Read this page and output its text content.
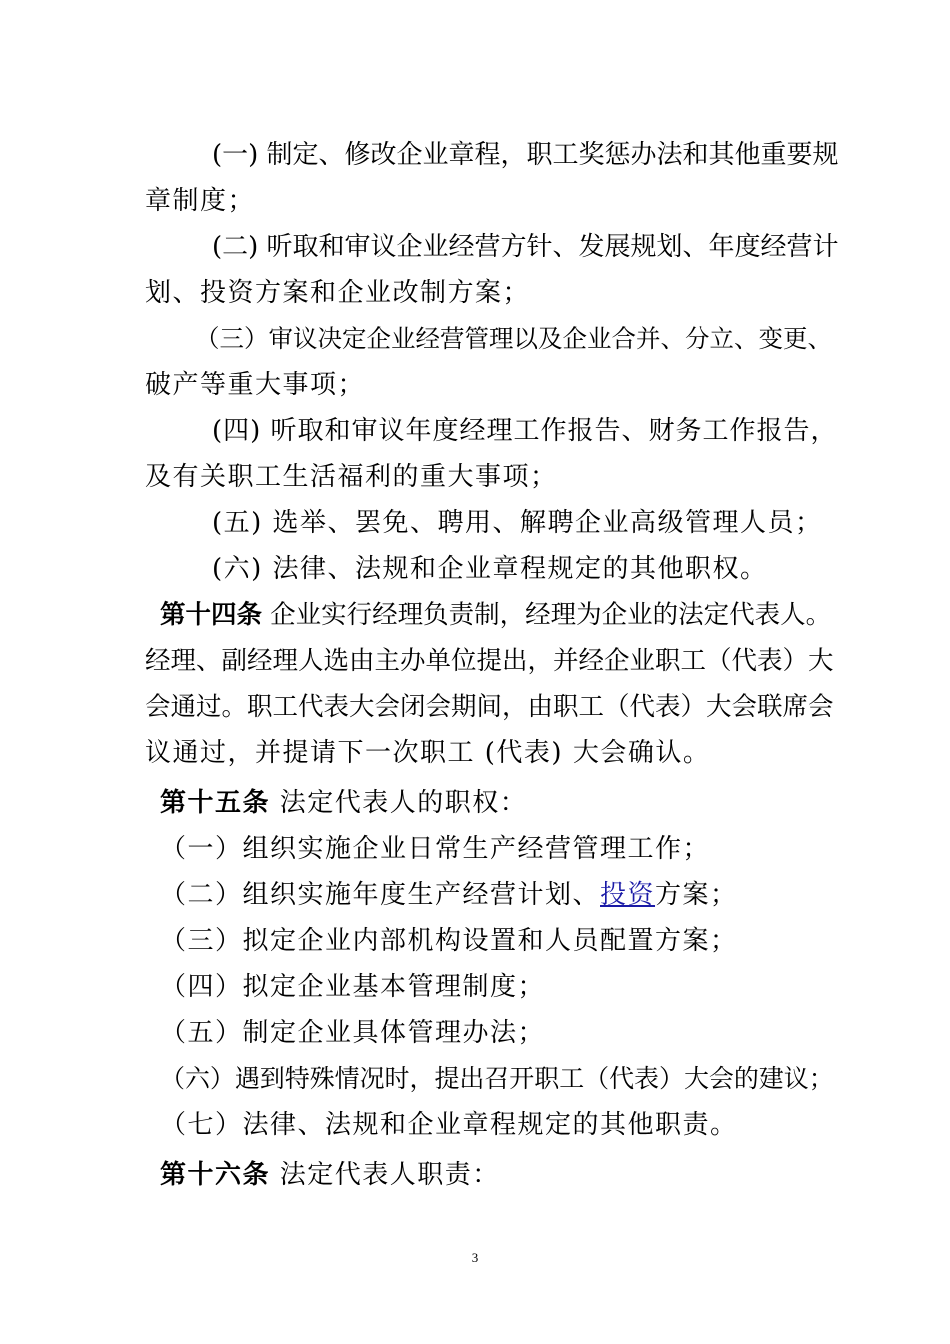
(一) 制定、修改企业章程，职工奖惩办法和其他重要规
章制度；
(二) 听取和审议企业经营方针、发展规划、年度经营计
划、投资方案和企业改制方案；
（三）审议决定企业经营管理以及企业合并、分立、变更、
破产等重大事项；
(四) 听取和审议年度经理工作报告、财务工作报告，
及有关职工生活福利的重大事项；
(五) 选举、罢免、聘用、解聘企业高级管理人员；
(六) 法律、法规和企业章程规定的其他职权。
第十四条 企业实行经理负责制，经理为企业的法定代表人。
经理、副经理人选由主办单位提出，并经企业职工（代表）大
会通过。职工代表大会闭会期间，由职工（代表）大会联席会
议通过，并提请下一次职工 (代表) 大会确认。
第十五条 法定代表人的职权：
（一）组织实施企业日常生产经营管理工作；
（二）组织实施年度生产经营计划、投资方案；
（三）拟定企业内部机构设置和人员配置方案；
（四）拟定企业基本管理制度；
（五）制定企业具体管理办法；
（六）遇到特殊情况时，提出召开职工（代表）大会的建议；
（七）法律、法规和企业章程规定的其他职责。
第十六条 法定代表人职责：
3
